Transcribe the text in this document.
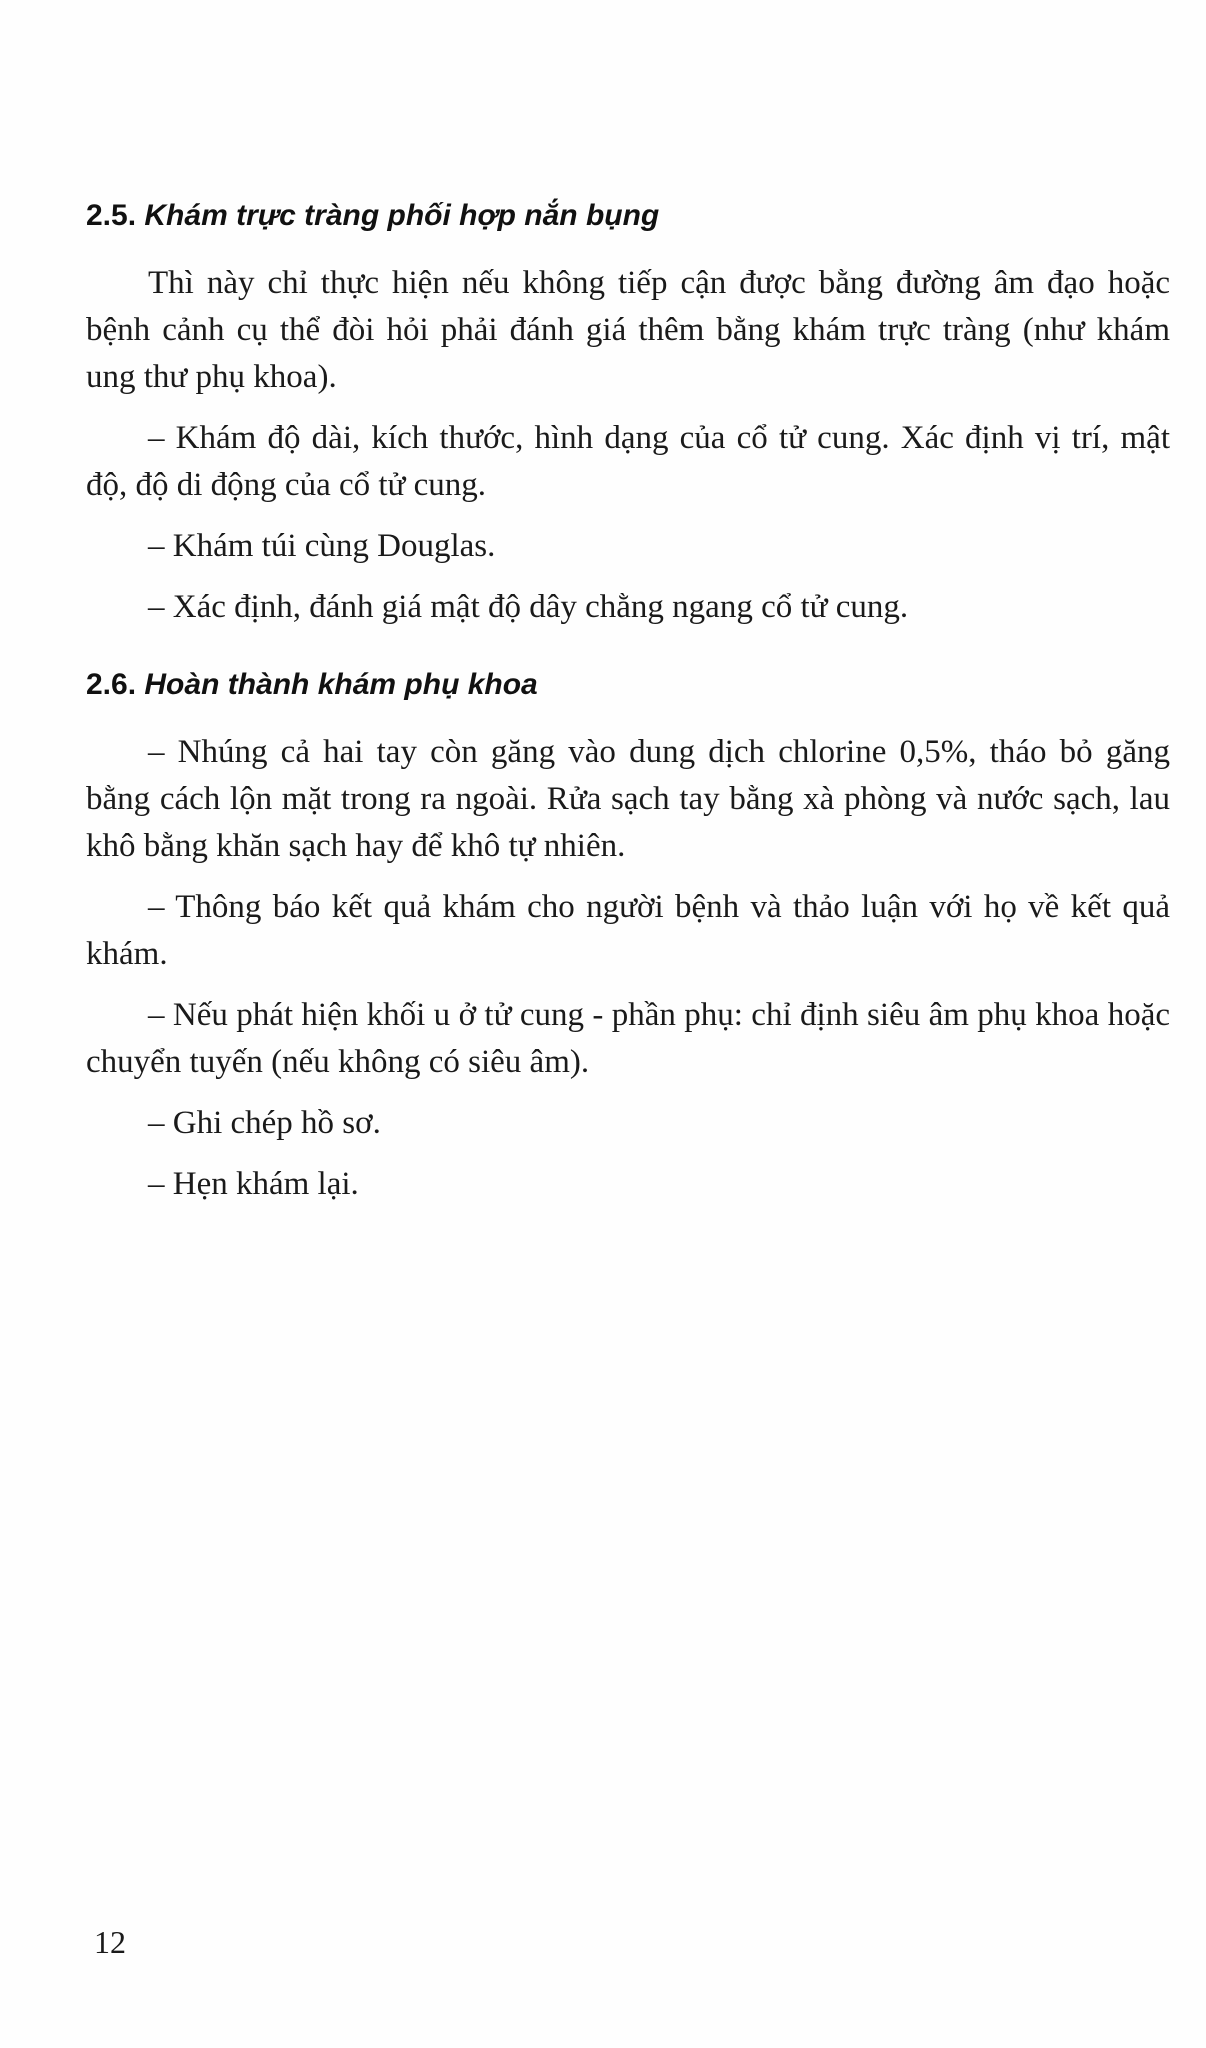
2.5. Khám trực tràng phối hợp nắn bụng

Thì này chỉ thực hiện nếu không tiếp cận được bằng đường âm đạo hoặc bệnh cảnh cụ thể đòi hỏi phải đánh giá thêm bằng khám trực tràng (như khám ung thư phụ khoa).

– Khám độ dài, kích thước, hình dạng của cổ tử cung. Xác định vị trí, mật độ, độ di động của cổ tử cung.

– Khám túi cùng Douglas.

– Xác định, đánh giá mật độ dây chằng ngang cổ tử cung.

2.6. Hoàn thành khám phụ khoa

– Nhúng cả hai tay còn găng vào dung dịch chlorine 0,5%, tháo bỏ găng bằng cách lộn mặt trong ra ngoài. Rửa sạch tay bằng xà phòng và nước sạch, lau khô bằng khăn sạch hay để khô tự nhiên.

– Thông báo kết quả khám cho người bệnh và thảo luận với họ về kết quả khám.

– Nếu phát hiện khối u ở tử cung - phần phụ: chỉ định siêu âm phụ khoa hoặc chuyển tuyến (nếu không có siêu âm).

– Ghi chép hồ sơ.

– Hẹn khám lại.

12
